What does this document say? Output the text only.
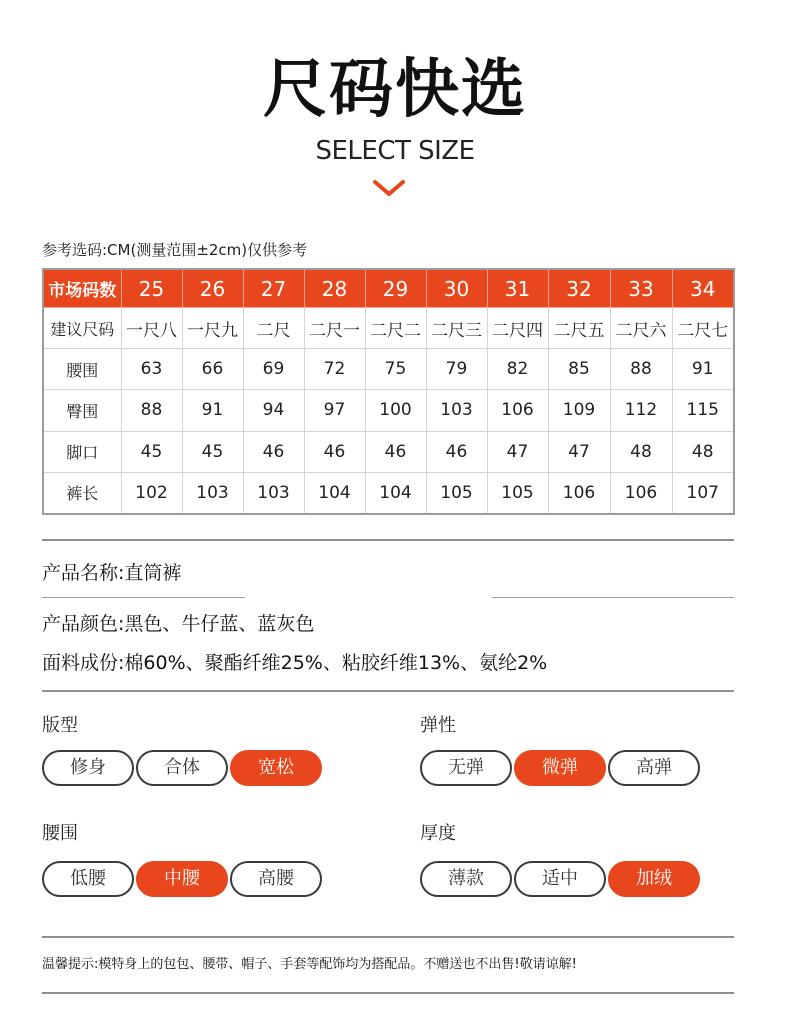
尺码快选
SELECT SIZE
参考选码:CM(测量范围±2cm)仅供参考
市场码数	25	26	27	28	29	30	31	32	33	34
建议尺码	一尺八	一尺九	二尺	二尺一	二尺二	二尺三	二尺四	二尺五	二尺六	二尺七
腰围	63	66	69	72	75	79	82	85	88	91
臀围	88	91	94	97	100	103	106	109	112	115
脚口	45	45	46	46	46	46	47	47	48	48
裤长	102	103	103	104	104	105	105	106	106	107
产品名称:直筒裤
产品颜色:黑色、牛仔蓝、蓝灰色
面料成份:棉60%、聚酯纤维25%、粘胶纤维13%、氨纶2%
版型
修身	合体	宽松
弹性
无弹	微弹	高弹
腰围
低腰	中腰	高腰
厚度
薄款	适中	加绒
温馨提示:模特身上的包包、腰带、帽子、手套等配饰均为搭配品。不赠送也不出售!敬请谅解!
